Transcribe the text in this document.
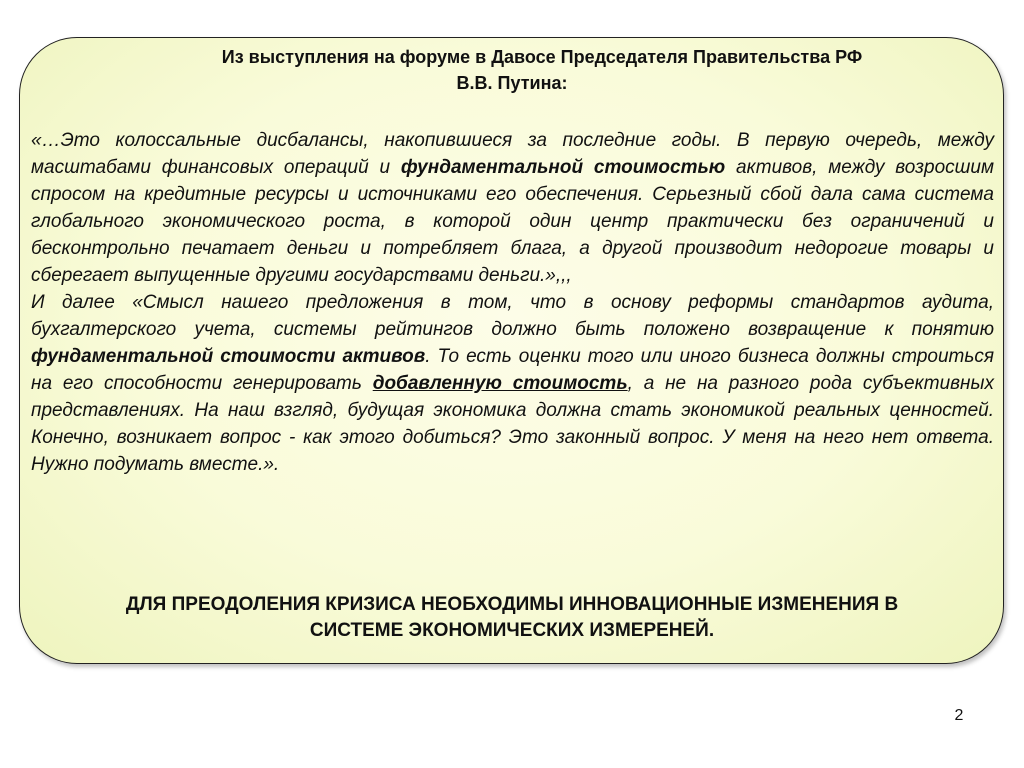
Из выступления на форуме в Давосе Председателя Правительства РФ
В.В. Путина:

«…Это колоссальные дисбалансы, накопившиеся за последние годы. В первую очередь, между масштабами финансовых операций и фундаментальной стоимостью активов, между возросшим спросом на кредитные ресурсы и источниками его обеспечения. Серьезный сбой дала сама система глобального экономического роста, в которой один центр практически без ограничений и бесконтрольно печатает деньги и потребляет блага, а другой производит недорогие товары и сберегает выпущенные другими государствами деньги.»,,,

И далее «Смысл нашего предложения в том, что в основу реформы стандартов аудита, бухгалтерского учета, системы рейтингов должно быть положено возвращение к понятию фундаментальной стоимости активов. То есть оценки того или иного бизнеса должны строиться на его способности генерировать добавленную стоимость, а не на разного рода субъективных представлениях. На наш взгляд, будущая экономика должна стать экономикой реальных ценностей. Конечно, возникает вопрос - как этого добиться? Это законный вопрос. У меня на него нет ответа. Нужно подумать вместе.».

ДЛЯ ПРЕОДОЛЕНИЯ КРИЗИСА НЕОБХОДИМЫ ИННОВАЦИОННЫЕ ИЗМЕНЕНИЯ В
СИСТЕМЕ ЭКОНОМИЧЕСКИХ ИЗМЕРЕНЕЙ.

2
